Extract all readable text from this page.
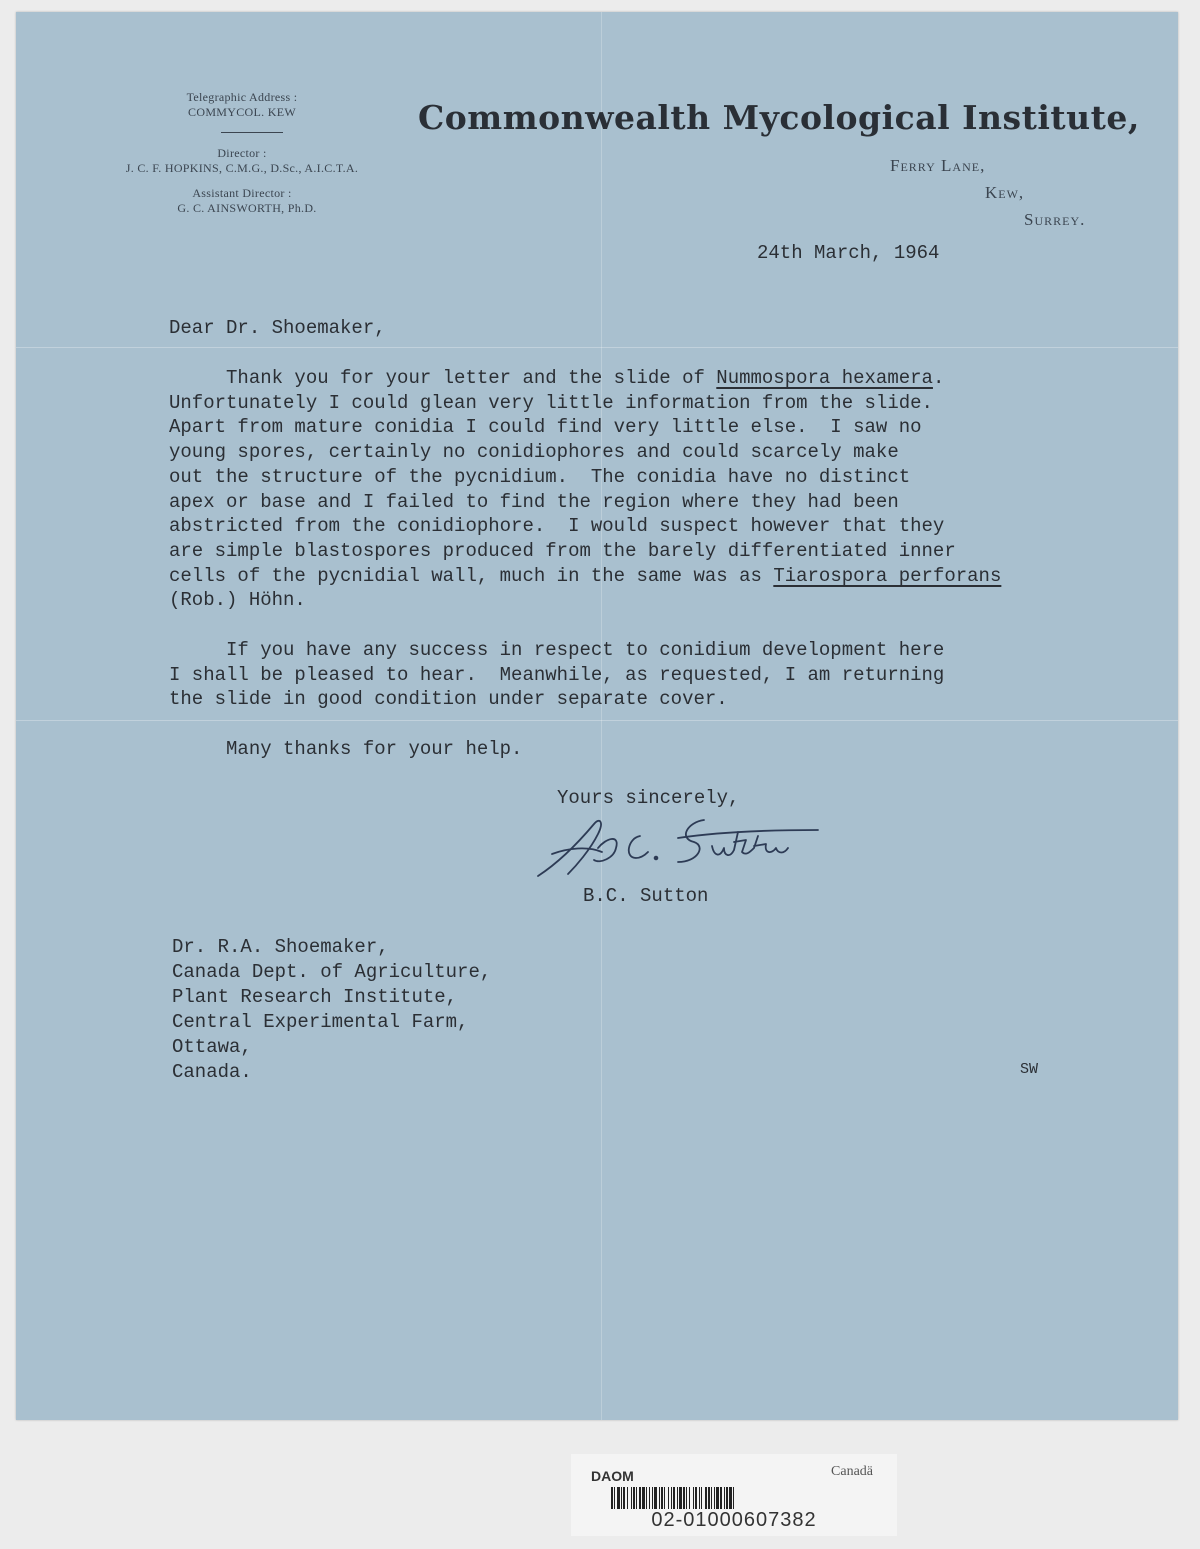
Telegraphic Address :
COMMYCOL. KEW
Director :
J. C. F. HOPKINS, C.M.G., D.Sc., A.I.C.T.A.
Assistant Director :
G. C. AINSWORTH, Ph.D.
Commonwealth Mycological Institute,
Ferry Lane,
Kew,
Surrey.
24th March, 1964
Dear Dr. Shoemaker,
Thank you for your letter and the slide of Nummospora hexamera.
Unfortunately I could glean very little information from the slide.
Apart from mature conidia I could find very little else.  I saw no
young spores, certainly no conidiophores and could scarcely make
out the structure of the pycnidium.  The conidia have no distinct
apex or base and I failed to find the region where they had been
abstricted from the conidiophore.  I would suspect however that they
are simple blastospores produced from the barely differentiated inner
cells of the pycnidial wall, much in the same was as Tiarospora perforans
(Rob.) Höhn.
If you have any success in respect to conidium development here
I shall be pleased to hear.  Meanwhile, as requested, I am returning
the slide in good condition under separate cover.
Many thanks for your help.
Yours sincerely,
B.C. Sutton
Dr. R.A. Shoemaker,
Canada Dept. of Agriculture,
Plant Research Institute,
Central Experimental Farm,
Ottawa,
Canada.	SW
DAOM	Canadä
02-01000607382
